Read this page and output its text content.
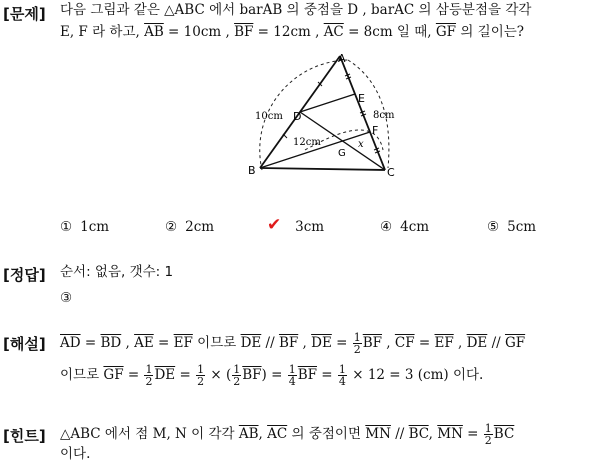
[문제] 다음 그림과 같은 △ABC 에서 barAB 의 중점을 D , barAC 의 삼등분점을 각각
E, F 라 하고, $\overline{AB} = 10cm$ , $\overline{BF} = 12cm$ , $\overline{AC} = 8cm$ 일 때, $\overline{GF}$ 의 길이는?
A
B	C
D
E
F
G
10cm
12cm
8cm
x
① 1cm	② 2cm	✔ 3cm	④ 4cm	⑤ 5cm
[정답] 순서: 없음, 갯수: 1
③
[해설] $\overline{AD} = \overline{BD}$ , $\overline{AE} = \overline{EF}$ 이므로 $\overline{DE} // \overline{BF}$ , $\overline{DE} = \frac{1}{2} \overline{BF}$ , $\overline{CF} = \overline{EF}$ , $\overline{DE} // \overline{GF}$
이므로 $\overline{GF} = \frac{1}{2} \overline{DE} = \frac{1}{2}$ × ( $\frac{1}{2} \overline{BF}) = \frac{1}{4} \overline{BF} = \frac{1}{4} \times 12 = 3$ (cm) 이다.
[힌트] △ABC 에서 점 M, N 이 각각 $\overline{AB}$, $\overline{AC}$ 의 중점이면 $\overline{MN} // \overline{BC}$, $\overline{MN} = \frac{1}{2} \overline{BC}$
이다.
